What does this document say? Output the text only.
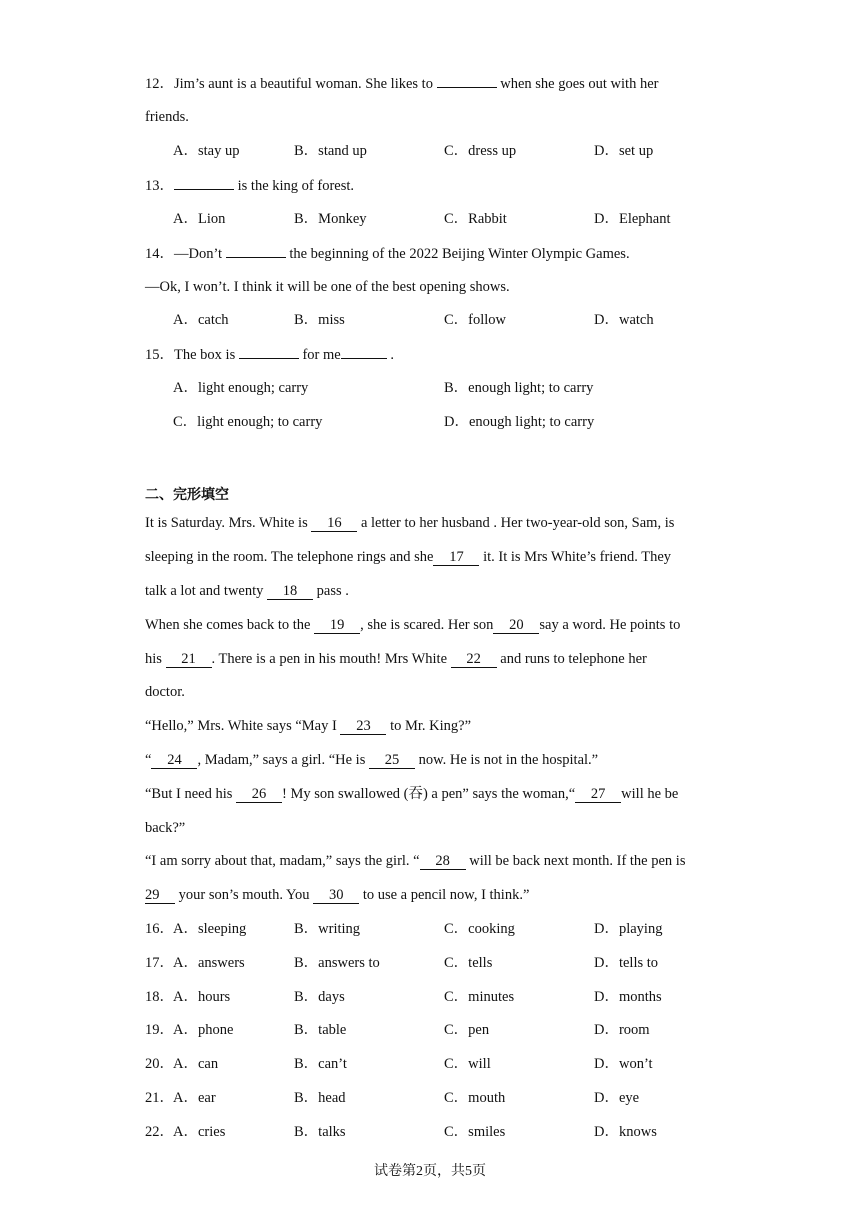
12．Jim’s aunt is a beautiful woman. She likes to	when she goes out with her
friends.
A．stay up	B．stand up	C．dress up	D．set up
13．	is the king of forest.
A．Lion	B．Monkey	C．Rabbit	D．Elephant
14．—Don’t	the beginning of the 2022 Beijing Winter Olympic Games.
—Ok, I won’t. I think it will be one of the best opening shows.
A．catch	B．miss	C．follow	D．watch
15．The box is	for me	.
A．light enough; carry	B．enough light; to carry
C．light enough; to carry	D．enough light; to carry
二、完形填空
It is Saturday. Mrs. White is 16 a letter to her husband . Her two-year-old son, Sam, is
sleeping in the room. The telephone rings and she 17 it. It is Mrs White’s friend. They
talk a lot and twenty 18 pass .
When she comes back to the 19 , she is scared. Her son 20 say a word. He points to
his 21 . There is a pen in his mouth! Mrs White 22 and runs to telephone her
doctor.
“Hello,” Mrs. White says “May I 23 to Mr. King?”
“ 24 , Madam,” says a girl. “He is 25 now. He is not in the hospital.”
“But I need his 26 ! My son swallowed (吞) a pen” says the woman,“ 27 will he be
back?”
“I am sorry about that, madam,” says the girl. “ 28 will be back next month. If the pen is
29 your son’s mouth. You 30 to use a pencil now, I think.”
16． A．sleeping	B．writing	C．cooking	D．playing
17． A．answers	B．answers to	C．tells	D．tells to
18． A．hours	B．days	C．minutes	D．months
19． A．phone	B．table	C．pen	D．room
20． A．can	B．can’t	C．will	D．won’t
21． A．ear	B．head	C．mouth	D．eye
22． A．cries	B．talks	C．smiles	D．knows
试卷第2页，共5页
